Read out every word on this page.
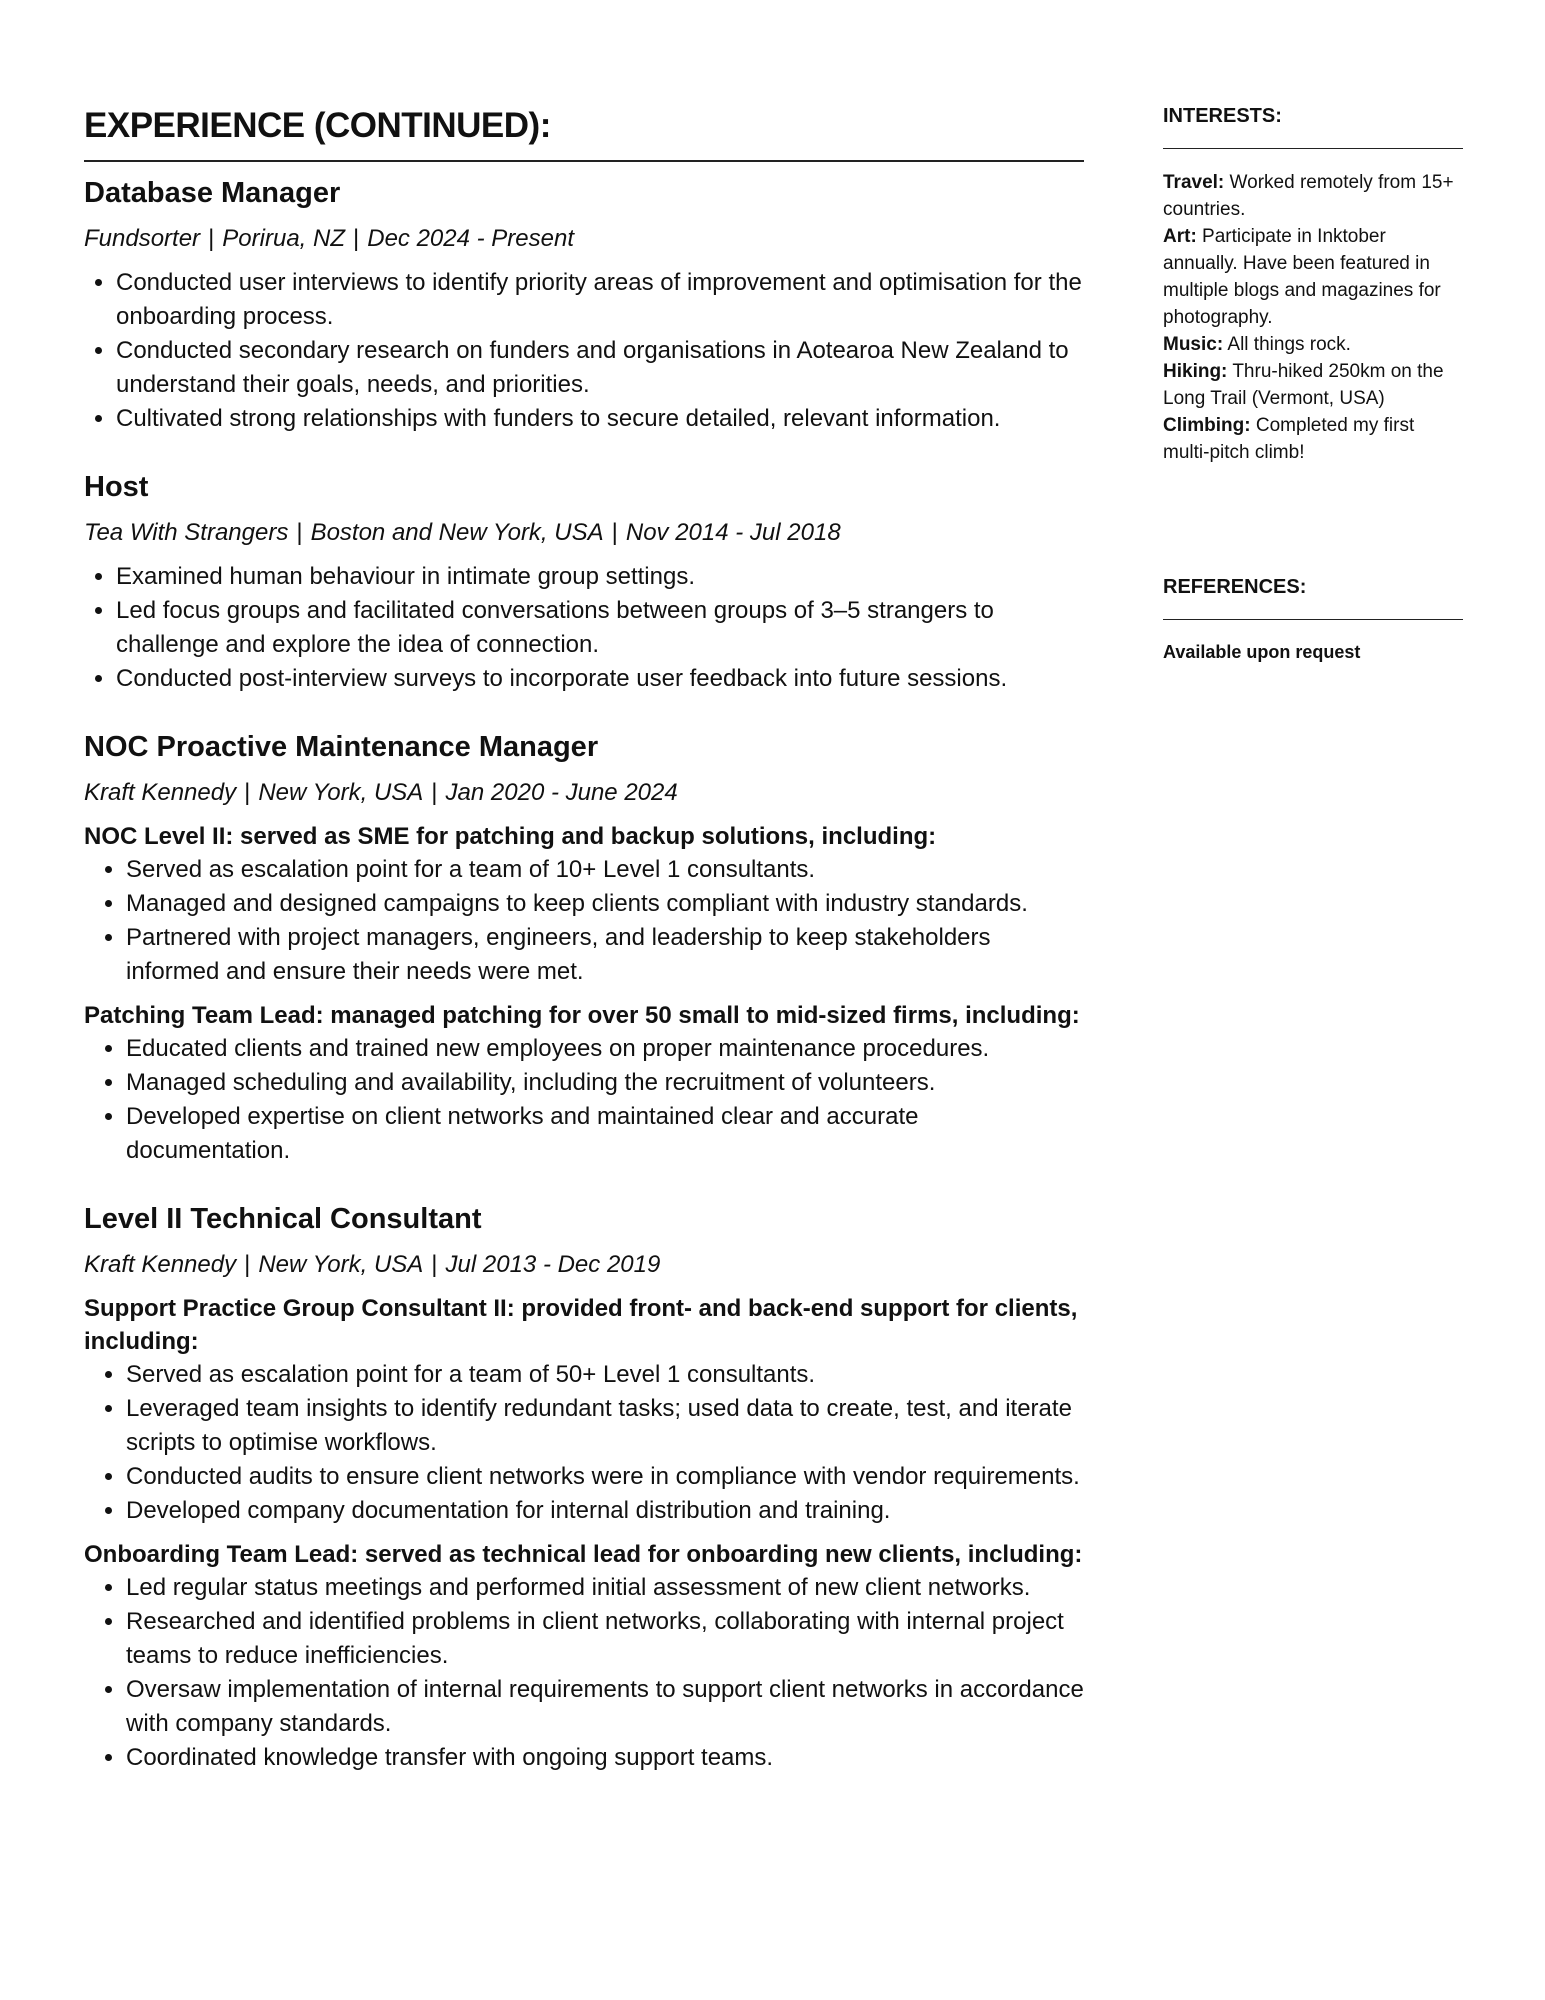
EXPERIENCE (CONTINUED):
Database Manager

Fundsorter | Porirua, NZ | Dec 2024 - Present

• Conducted user interviews to identify priority areas of improvement and optimisation for the onboarding process.
• Conducted secondary research on funders and organisations in Aotearoa New Zealand to understand their goals, needs, and priorities.
• Cultivated strong relationships with funders to secure detailed, relevant information.
Host

Tea With Strangers | Boston and New York, USA | Nov 2014 - Jul 2018

• Examined human behaviour in intimate group settings.
• Led focus groups and facilitated conversations between groups of 3–5 strangers to challenge and explore the idea of connection.
• Conducted post-interview surveys to incorporate user feedback into future sessions.
NOC Proactive Maintenance Manager

Kraft Kennedy | New York, USA | Jan 2020 - June 2024

NOC Level II: served as SME for patching and backup solutions, including:

• Served as escalation point for a team of 10+ Level 1 consultants.
• Managed and designed campaigns to keep clients compliant with industry standards.
• Partnered with project managers, engineers, and leadership to keep stakeholders informed and ensure their needs were met.

Patching Team Lead: managed patching for over 50 small to mid-sized firms, including:

• Educated clients and trained new employees on proper maintenance procedures.
• Managed scheduling and availability, including the recruitment of volunteers.
• Developed expertise on client networks and maintained clear and accurate documentation.
Level II Technical Consultant

Kraft Kennedy | New York, USA | Jul 2013 - Dec 2019

Support Practice Group Consultant II: provided front- and back-end support for clients, including:

• Served as escalation point for a team of 50+ Level 1 consultants.
• Leveraged team insights to identify redundant tasks; used data to create, test, and iterate scripts to optimise workflows.
• Conducted audits to ensure client networks were in compliance with vendor requirements.
• Developed company documentation for internal distribution and training.

Onboarding Team Lead: served as technical lead for onboarding new clients, including:

• Led regular status meetings and performed initial assessment of new client networks.
• Researched and identified problems in client networks, collaborating with internal project teams to reduce inefficiencies.
• Oversaw implementation of internal requirements to support client networks in accordance with company standards.
• Coordinated knowledge transfer with ongoing support teams.
INTERESTS:
Travel: Worked remotely from 15+ countries.
Art: Participate in Inktober annually. Have been featured in multiple blogs and magazines for photography.
Music: All things rock.
Hiking: Thru-hiked 250km on the Long Trail (Vermont, USA)
Climbing: Completed my first multi-pitch climb!
REFERENCES:
Available upon request
